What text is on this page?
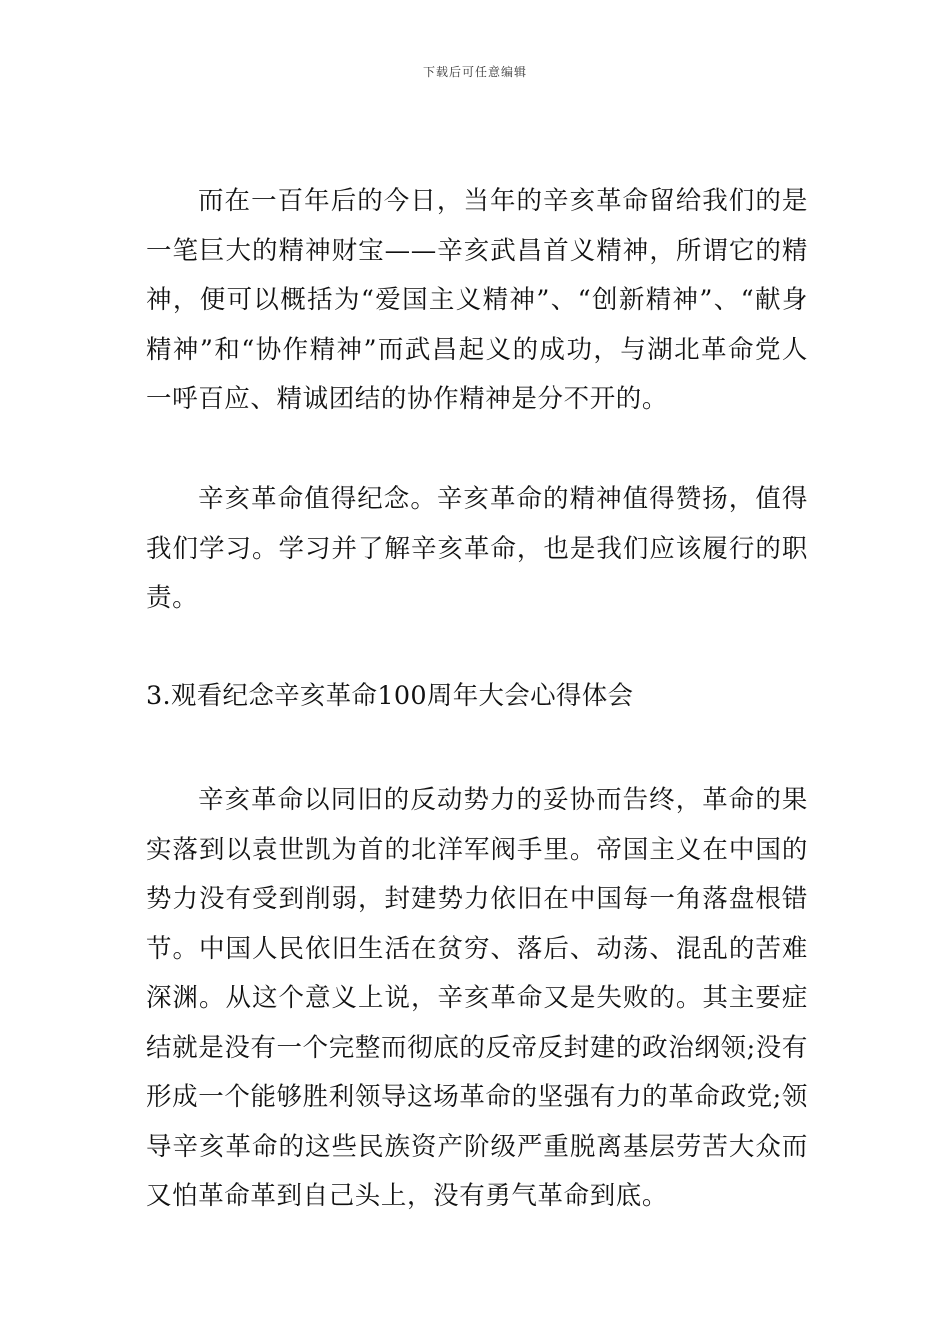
下载后可任意编辑

而在一百年后的今日，当年的辛亥革命留给我们的是一笔巨大的精神财宝——辛亥武昌首义精神，所谓它的精神，便可以概括为“爱国主义精神”、“创新精神”、“献身精神”和“协作精神”而武昌起义的成功，与湖北革命党人一呼百应、精诚团结的协作精神是分不开的。

辛亥革命值得纪念。辛亥革命的精神值得赞扬，值得我们学习。学习并了解辛亥革命，也是我们应该履行的职责。

3.观看纪念辛亥革命100周年大会心得体会

辛亥革命以同旧的反动势力的妥协而告终，革命的果实落到以袁世凯为首的北洋军阀手里。帝国主义在中国的势力没有受到削弱，封建势力依旧在中国每一角落盘根错节。中国人民依旧生活在贫穷、落后、动荡、混乱的苦难深渊。从这个意义上说，辛亥革命又是失败的。其主要症结就是没有一个完整而彻底的反帝反封建的政治纲领;没有形成一个能够胜利领导这场革命的坚强有力的革命政党;领导辛亥革命的这些民族资产阶级严重脱离基层劳苦大众而又怕革命革到自己头上，没有勇气革命到底。
